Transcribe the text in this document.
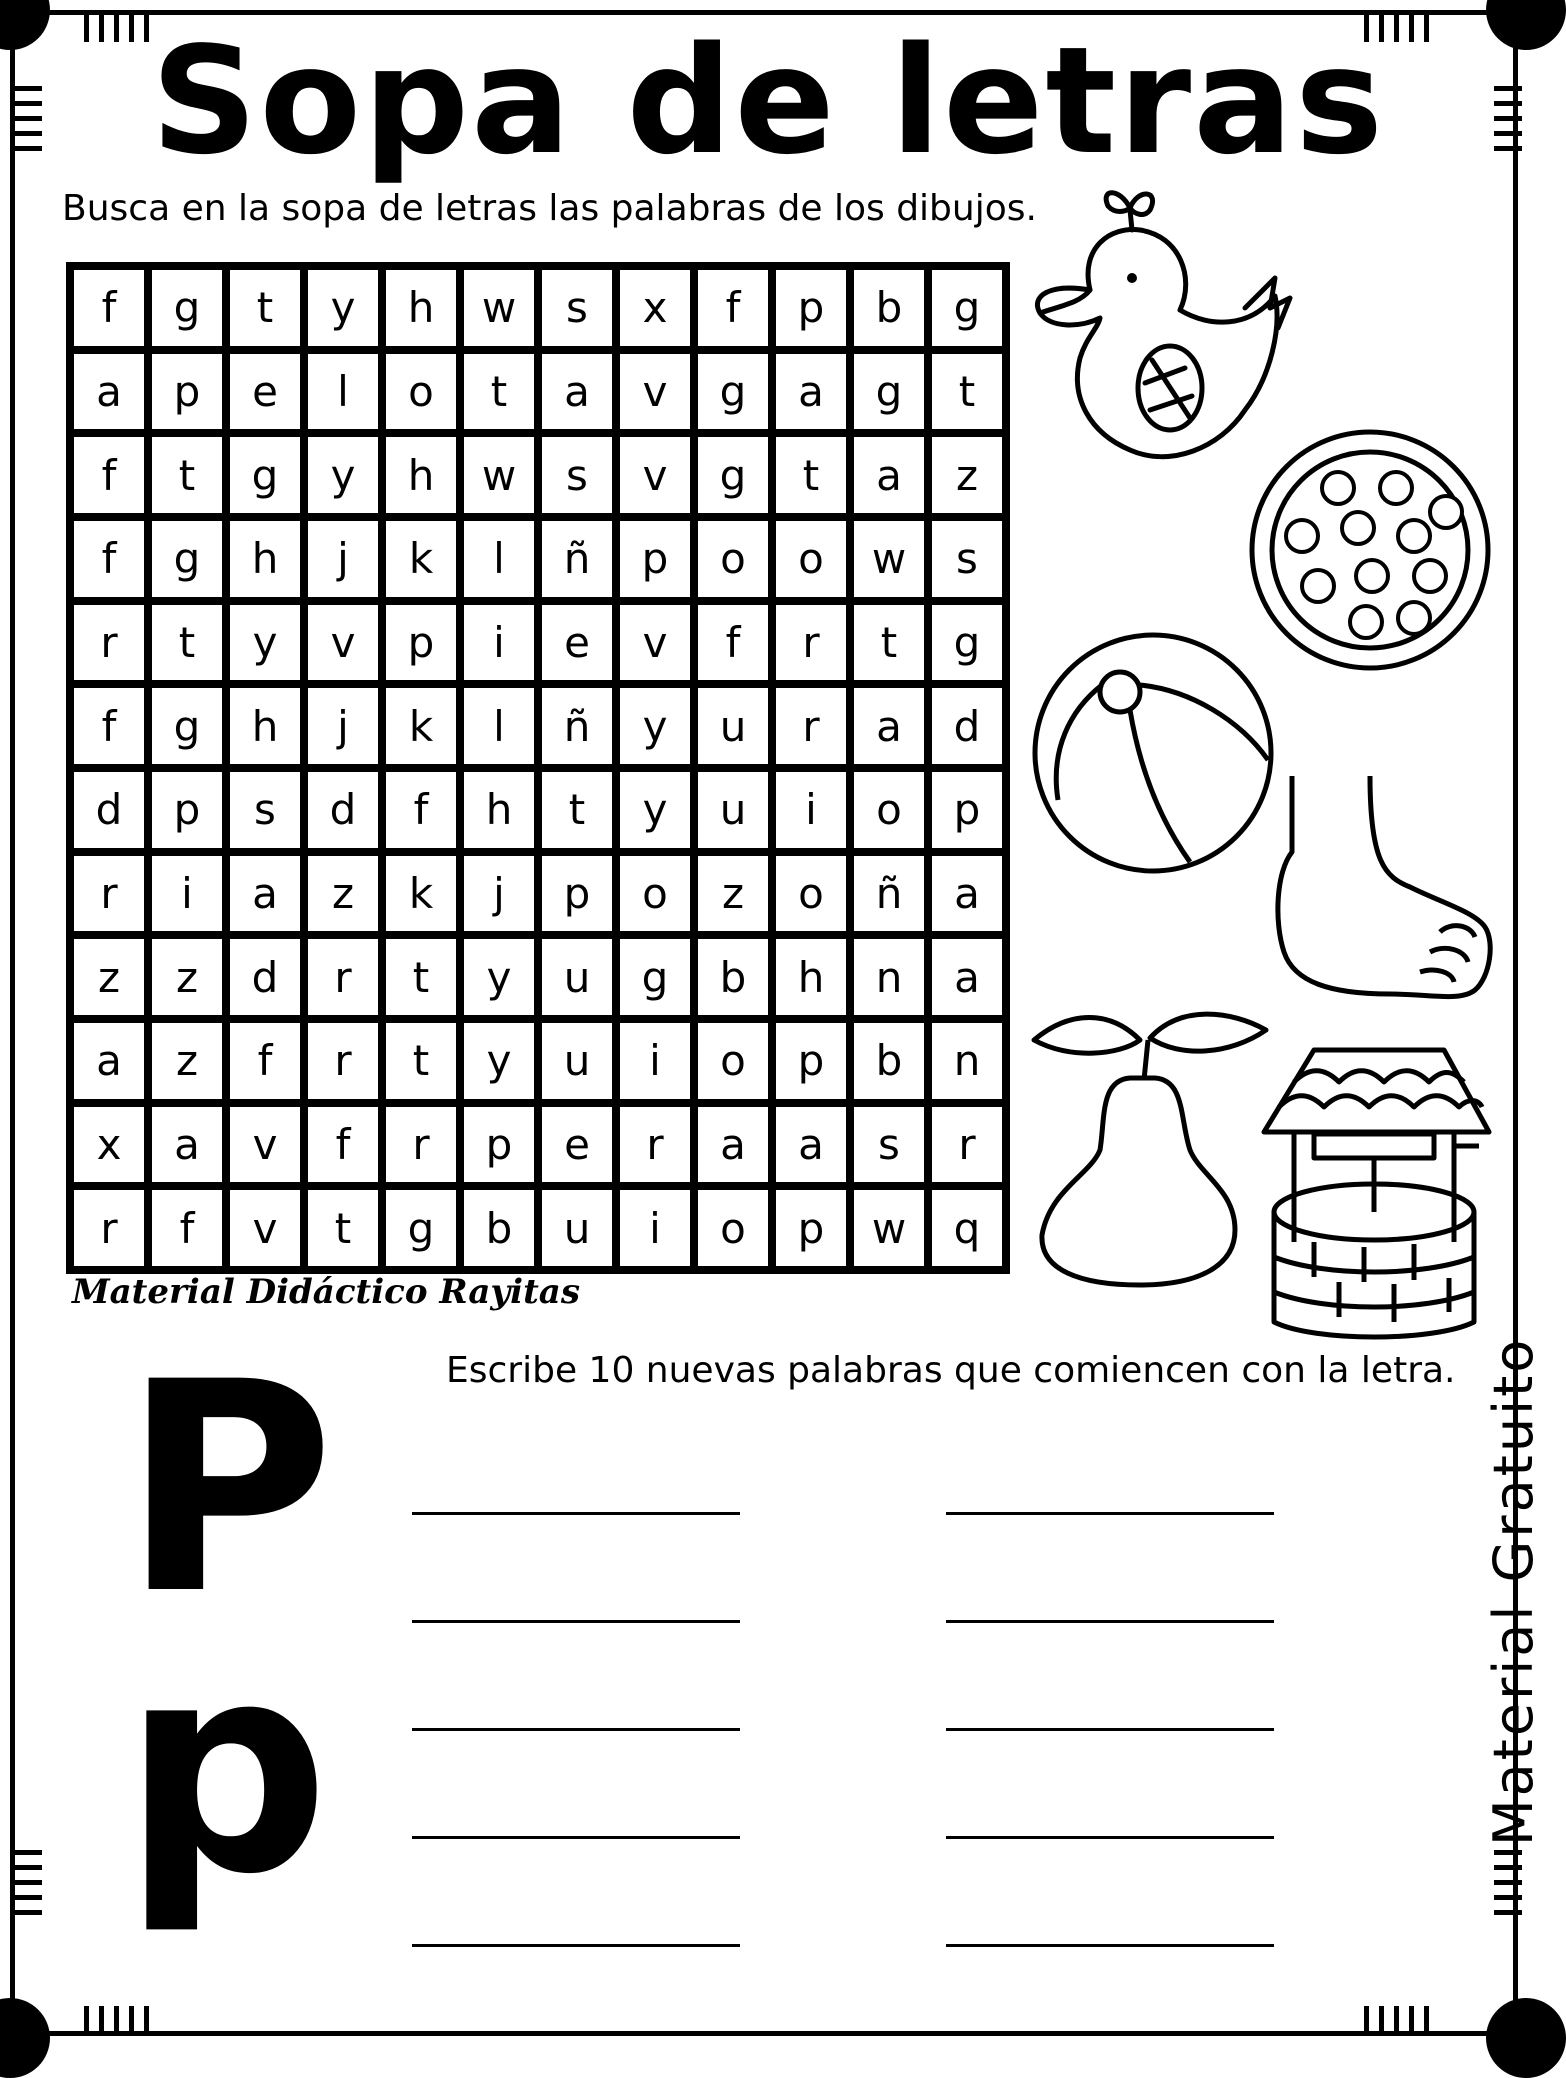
Sopa de letras
Busca en la sopa de letras las palabras de los dibujos.
f	g	t	y	h	w	s	x	f	p	b	g
a	p	e	l	o	t	a	v	g	a	g	t
f	t	g	y	h	w	s	v	g	t	a	z
f	g	h	j	k	l	ñ	p	o	o	w	s
r	t	y	v	p	i	e	v	f	r	t	g
f	g	h	j	k	l	ñ	y	u	r	a	d
d	p	s	d	f	h	t	y	u	i	o	p
r	i	a	z	k	j	p	o	z	o	ñ	a
z	z	d	r	t	y	u	g	b	h	n	a
a	z	f	r	t	y	u	i	o	p	b	n
x	a	v	f	r	p	e	r	a	a	s	r
r	f	v	t	g	b	u	i	o	p	w	q
Material Didáctico Rayitas
Escribe 10 nuevas palabras que comiencen con la letra.
P
p	Material Gratuito
